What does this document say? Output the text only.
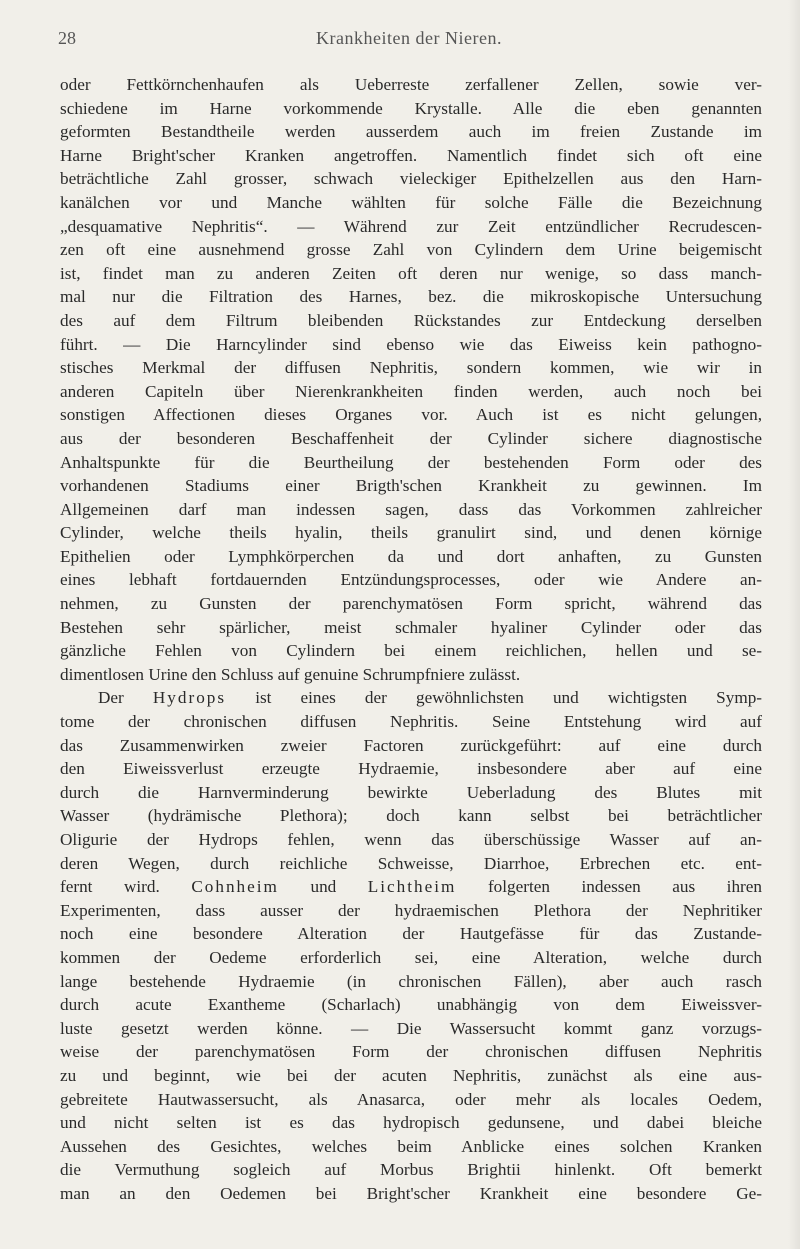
28	Krankheiten der Nieren.
oder Fettkörnchenhaufen als Ueberreste zerfallener Zellen, sowie ver-
schiedene im Harne vorkommende Krystalle. Alle die eben genannten
geformten Bestandtheile werden ausserdem auch im freien Zustande im
Harne Bright'scher Kranken angetroffen. Namentlich findet sich oft eine
beträchtliche Zahl grosser, schwach vieleckiger Epithelzellen aus den Harn-
kanälchen vor und Manche wählten für solche Fälle die Bezeichnung
„desquamative Nephritis“. — Während zur Zeit entzündlicher Recrudescen-
zen oft eine ausnehmend grosse Zahl von Cylindern dem Urine beigemischt
ist, findet man zu anderen Zeiten oft deren nur wenige, so dass manch-
mal nur die Filtration des Harnes, bez. die mikroskopische Untersuchung
des auf dem Filtrum bleibenden Rückstandes zur Entdeckung derselben
führt. — Die Harncylinder sind ebenso wie das Eiweiss kein pathogno-
stisches Merkmal der diffusen Nephritis, sondern kommen, wie wir in
anderen Capiteln über Nierenkrankheiten finden werden, auch noch bei
sonstigen Affectionen dieses Organes vor. Auch ist es nicht gelungen,
aus der besonderen Beschaffenheit der Cylinder sichere diagnostische
Anhaltspunkte für die Beurtheilung der bestehenden Form oder des
vorhandenen Stadiums einer Brigth'schen Krankheit zu gewinnen. Im
Allgemeinen darf man indessen sagen, dass das Vorkommen zahlreicher
Cylinder, welche theils hyalin, theils granulirt sind, und denen körnige
Epithelien oder Lymphkörperchen da und dort anhaften, zu Gunsten
eines lebhaft fortdauernden Entzündungsprocesses, oder wie Andere an-
nehmen, zu Gunsten der parenchymatösen Form spricht, während das
Bestehen sehr spärlicher, meist schmaler hyaliner Cylinder oder das
gänzliche Fehlen von Cylindern bei einem reichlichen, hellen und se-
dimentlosen Urine den Schluss auf genuine Schrumpfniere zulässt.
Der Hydrops ist eines der gewöhnlichsten und wichtigsten Symp-
tome der chronischen diffusen Nephritis. Seine Entstehung wird auf
das Zusammenwirken zweier Factoren zurückgeführt: auf eine durch
den Eiweissverlust erzeugte Hydraemie, insbesondere aber auf eine
durch die Harnverminderung bewirkte Ueberladung des Blutes mit
Wasser (hydrämische Plethora); doch kann selbst bei beträchtlicher
Oligurie der Hydrops fehlen, wenn das überschüssige Wasser auf an-
deren Wegen, durch reichliche Schweisse, Diarrhoe, Erbrechen etc. ent-
fernt wird. Cohnheim und Lichtheim folgerten indessen aus ihren
Experimenten, dass ausser der hydraemischen Plethora der Nephritiker
noch eine besondere Alteration der Hautgefässe für das Zustande-
kommen der Oedeme erforderlich sei, eine Alteration, welche durch
lange bestehende Hydraemie (in chronischen Fällen), aber auch rasch
durch acute Exantheme (Scharlach) unabhängig von dem Eiweissver-
luste gesetzt werden könne. — Die Wassersucht kommt ganz vorzugs-
weise der parenchymatösen Form der chronischen diffusen Nephritis
zu und beginnt, wie bei der acuten Nephritis, zunächst als eine aus-
gebreitete Hautwassersucht, als Anasarca, oder mehr als locales Oedem,
und nicht selten ist es das hydropisch gedunsene, und dabei bleiche
Aussehen des Gesichtes, welches beim Anblicke eines solchen Kranken
die Vermuthung sogleich auf Morbus Brightii hinlenkt. Oft bemerkt
man an den Oedemen bei Bright'scher Krankheit eine besondere Ge-
